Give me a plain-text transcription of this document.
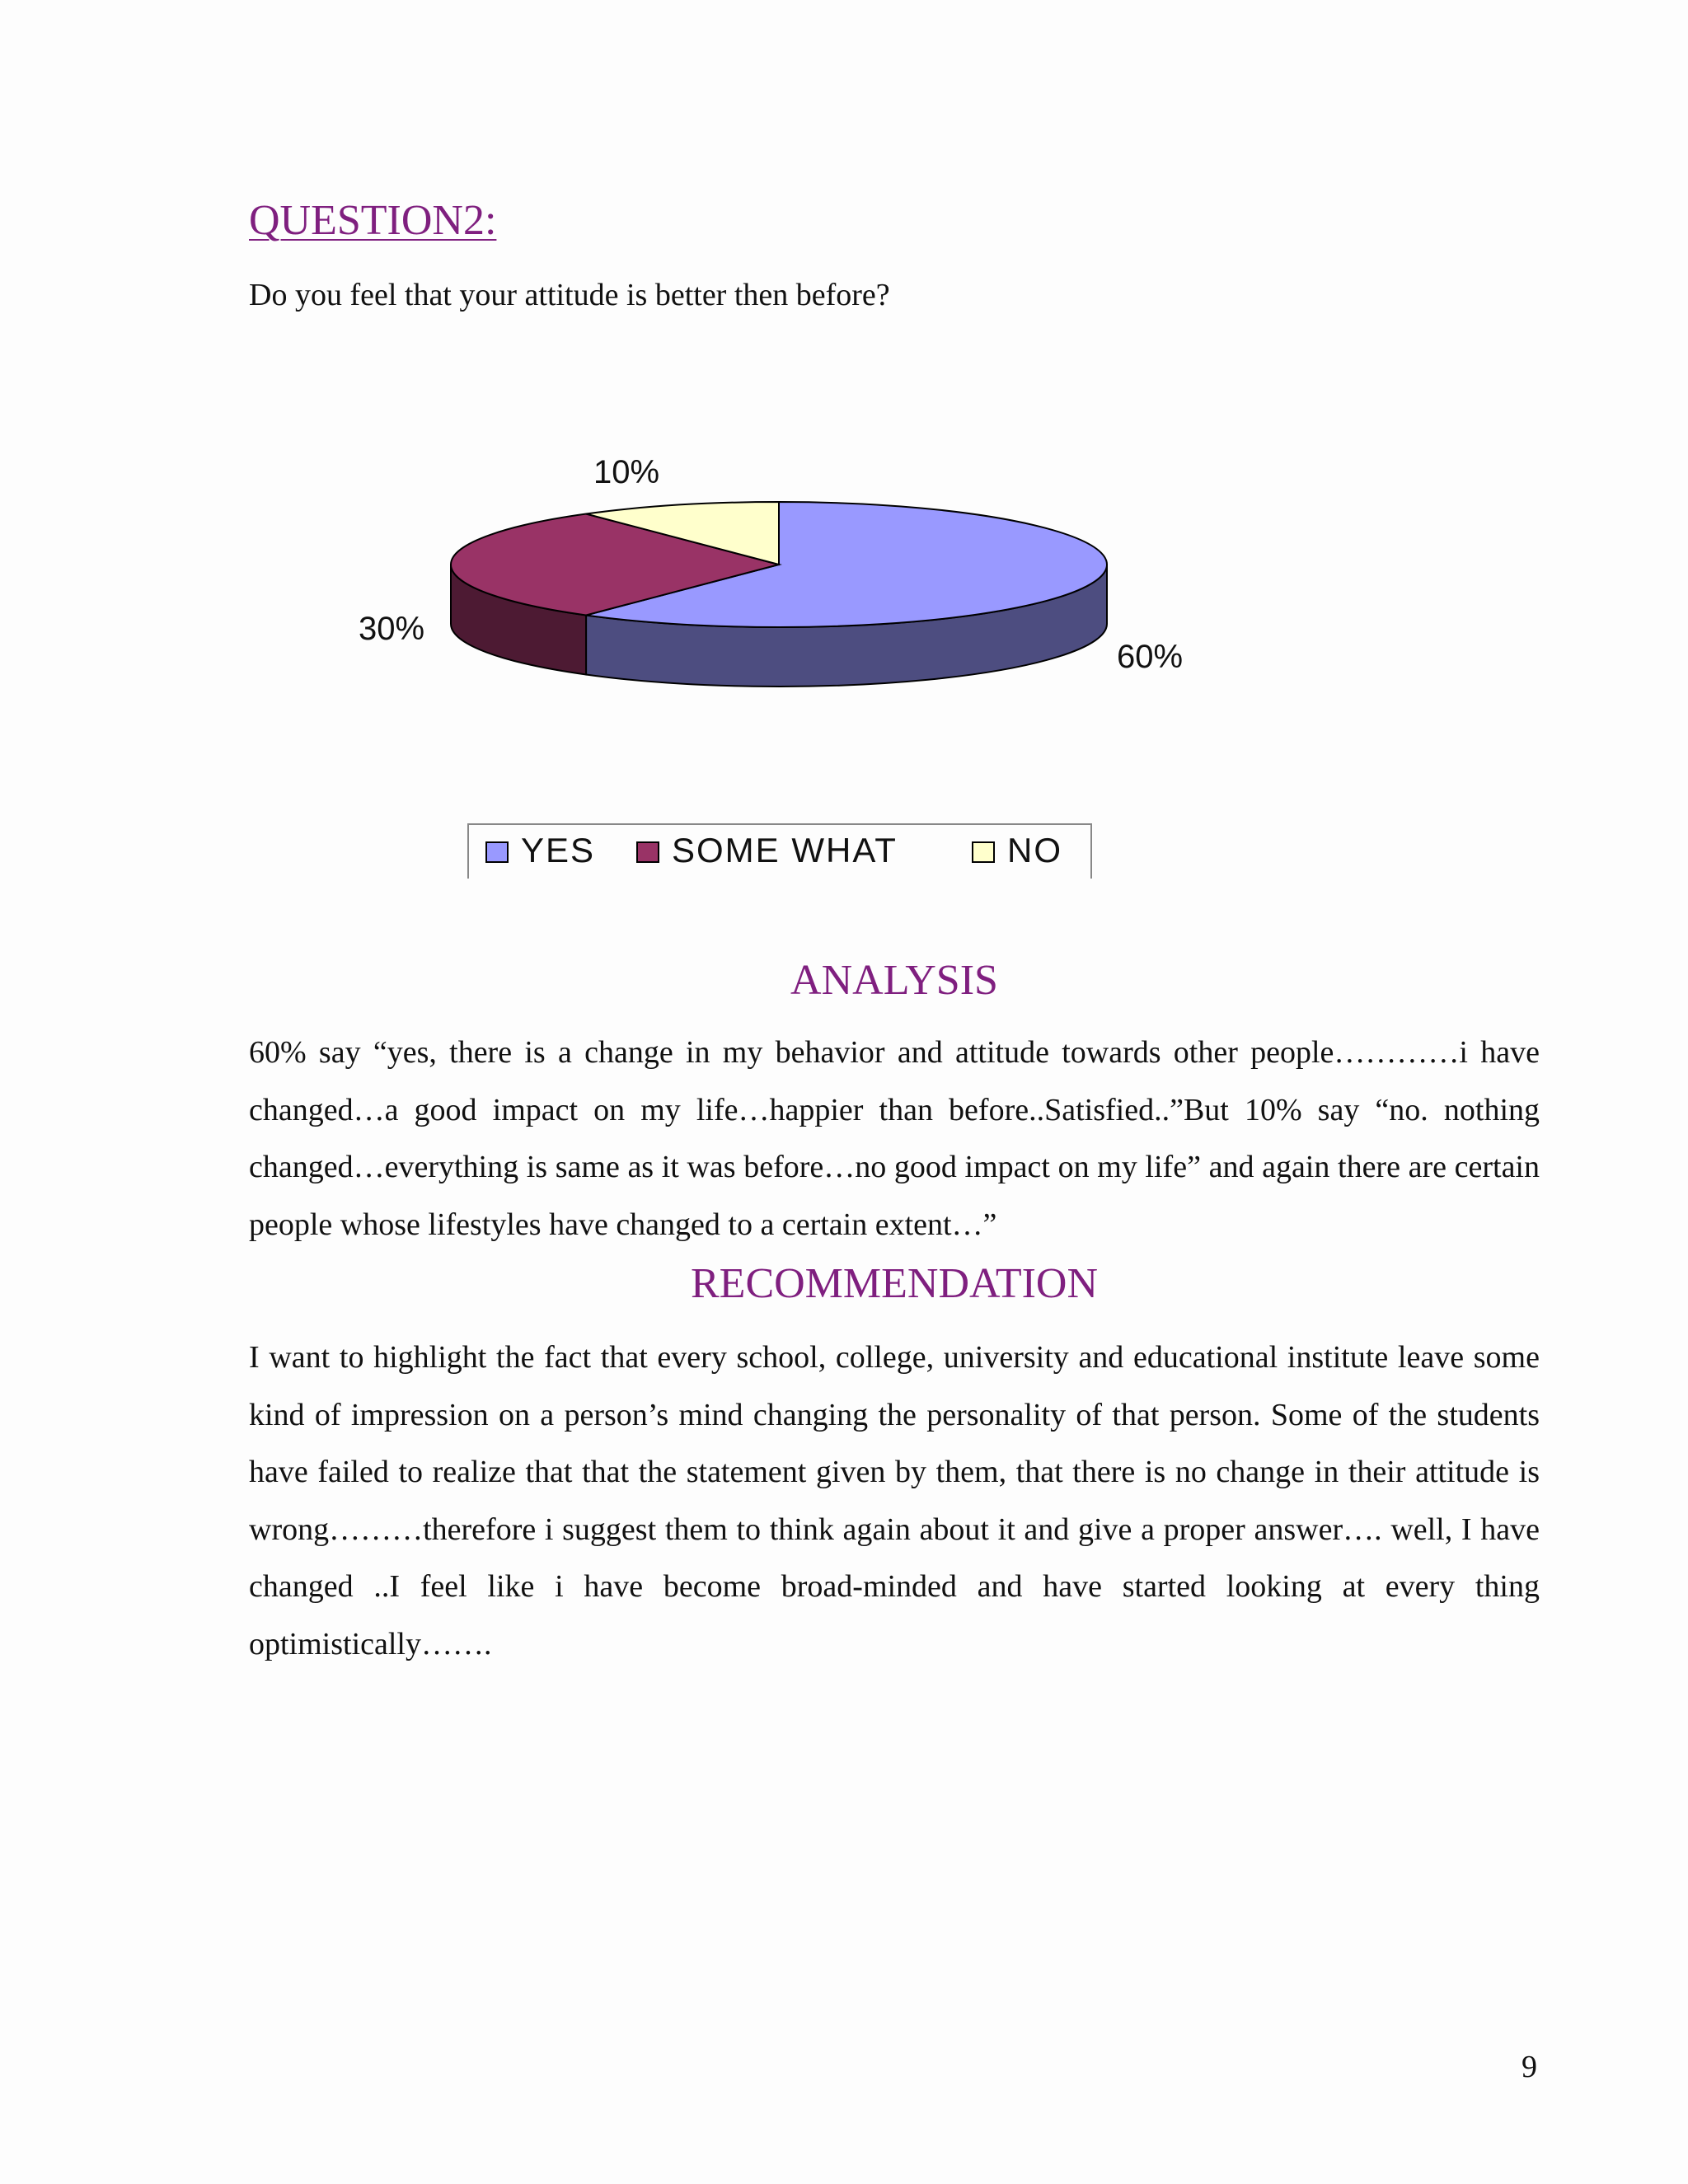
QUESTION2:

Do you feel that your attitude is better then before?

60%
30%
10%
YES SOME WHAT	NO
ANALYSIS

60% say “yes, there is a change in my behavior and attitude towards other people…………i have changed…a good impact on my life…happier than before..Satisfied..”But 10% say “no. nothing changed…everything is same as it was before…no good impact on my life” and again there are certain people whose lifestyles have changed to a certain extent…”

RECOMMENDATION

I want to highlight the fact that every school, college, university and educational institute leave some kind of impression on a person’s mind changing the personality of that person. Some of the students have failed to realize that that the statement given by them, that there is no change in their attitude is wrong………therefore i suggest them to think again about it and give a proper answer…. well, I have changed ..I feel like i have become broad-minded and have started looking at every thing optimistically…….

9
